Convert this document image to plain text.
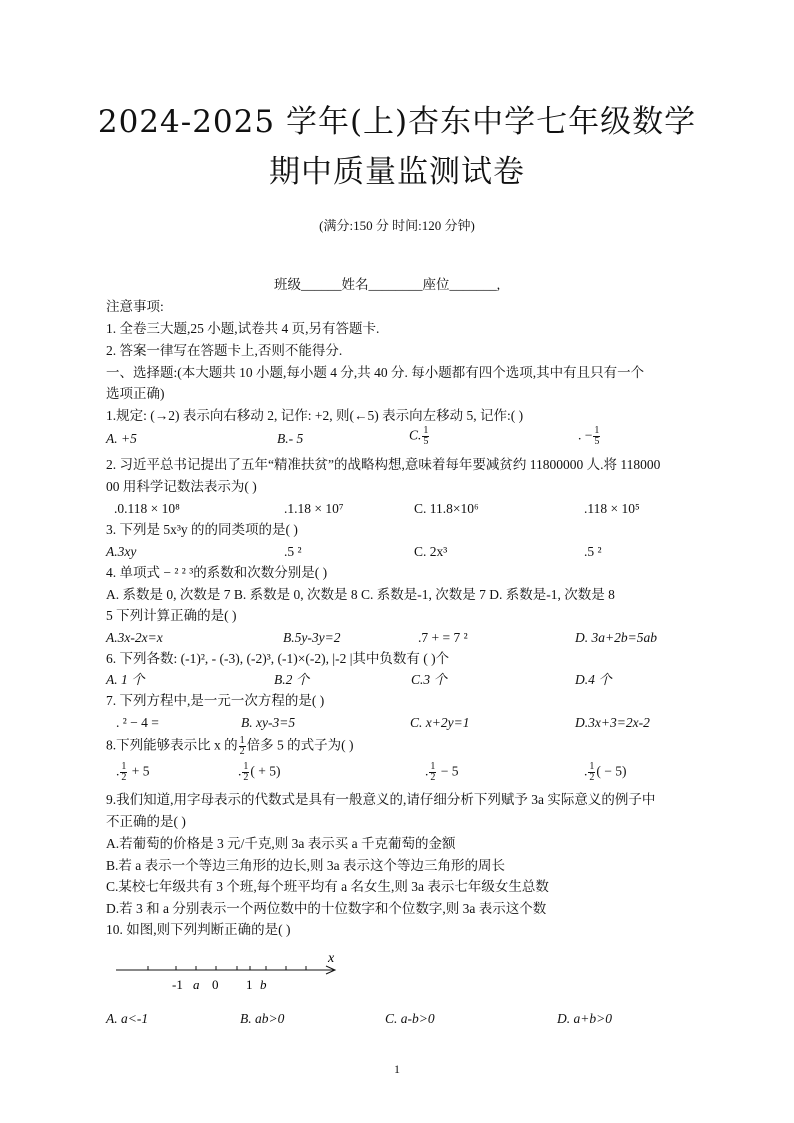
2024-2025 学年(上)杏东中学七年级数学
期中质量监测试卷
(满分:150 分 时间:120 分钟)
班级______姓名________座位_______,
注意事项:
1. 全卷三大题,25 小题,试卷共 4 页,另有答题卡.
2. 答案一律写在答题卡上,否则不能得分.
一、选择题:(本大题共 10 小题,每小题 4 分,共 40 分. 每小题都有四个选项,其中有且只有一个
选项正确)
1.规定: (→2) 表示向右移动 2, 记作: +2, 则(←5) 表示向左移动 5, 记作:( )
A. +5	B.- 5	C. $\frac{1}{5}$	. − $\frac{1}{5}$
2. 习近平总书记提出了五年“精准扶贫”的战略构想,意味着每年要减贫约 11800000 人.将 118000
00 用科学记数法表示为( )
.0.118 × 10⁸	.1.18 × 10⁷	C. 11.8×10⁶	.118 × 10⁵
3. 下列是 5x³y 的的同类项的是( )
A.3xy	.5 ²	C. 2x³	.5 ²
4. 单项式 − ² ² ³的系数和次数分别是( )
A. 系数是 0, 次数是 7 B. 系数是 0, 次数是 8 C. 系数是-1, 次数是 7 D. 系数是-1, 次数是 8
5 下列计算正确的是( )
A.3x-2x=x	B.5y-3y=2	.7 + = 7 ²	D. 3a+2b=5ab
6. 下列各数: (-1)², - (-3), (-2)³, (-1)×(-2), |-2 |其中负数有 ( )个
A. 1 个	B.2 个	C.3 个	D.4 个
7. 下列方程中,是一元一次方程的是( )
. ² − 4 =	B. xy-3=5	C. x+2y=1	D.3x+3=2x-2
8.下列能够表示比 x 的 $\frac{1}{2}$ 倍多 5 的式子为( )
. $\frac{1}{2} + 5$	. $\frac{1}{2}$ ( + 5)	. $\frac{1}{2} - 5$	. $\frac{1}{2}$ ( − 5)
9.我们知道,用字母表示的代数式是具有一般意义的,请仔细分析下列赋予 3a 实际意义的例子中
不正确的是( )
A.若葡萄的价格是 3 元/千克,则 3a 表示买 a 千克葡萄的金额
B.若 a 表示一个等边三角形的边长,则 3a 表示这个等边三角形的周长
C.某校七年级共有 3 个班,每个班平均有 a 名女生,则 3a 表示七年级女生总数
D.若 3 和 a 分别表示一个两位数中的十位数字和个位数字,则 3a 表示这个数
10. 如图,则下列判断正确的是( )
x
-1 a 0 1 b
A. a<-1	B. ab>0	C. a-b>0	D. a+b>0
1
